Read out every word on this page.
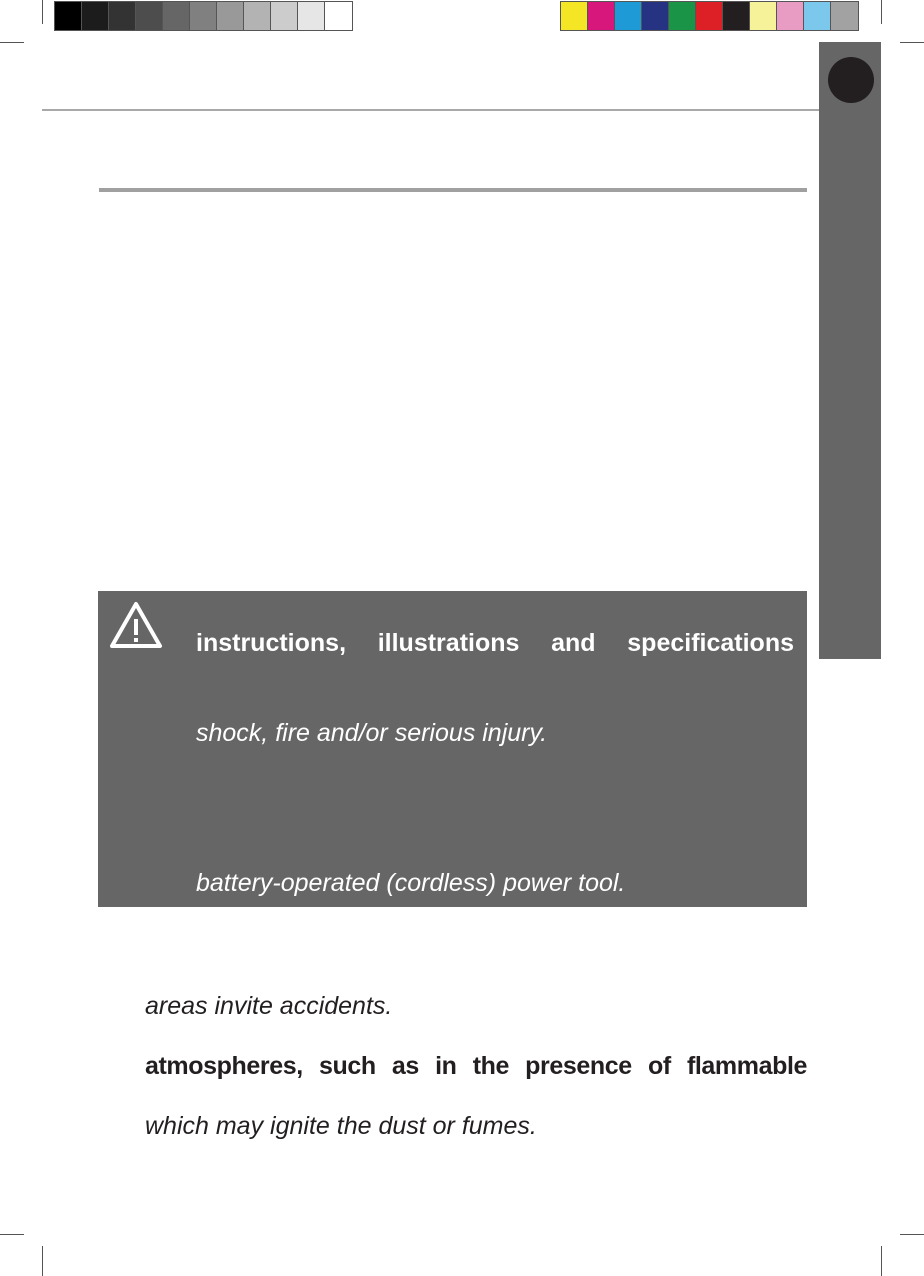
instructions, illustrations and specifications
shock, fire and/or serious injury.
battery-operated (cordless) power tool.
areas invite accidents.
atmospheres, such as in the presence of flammable
which may ignite the dust or fumes.
